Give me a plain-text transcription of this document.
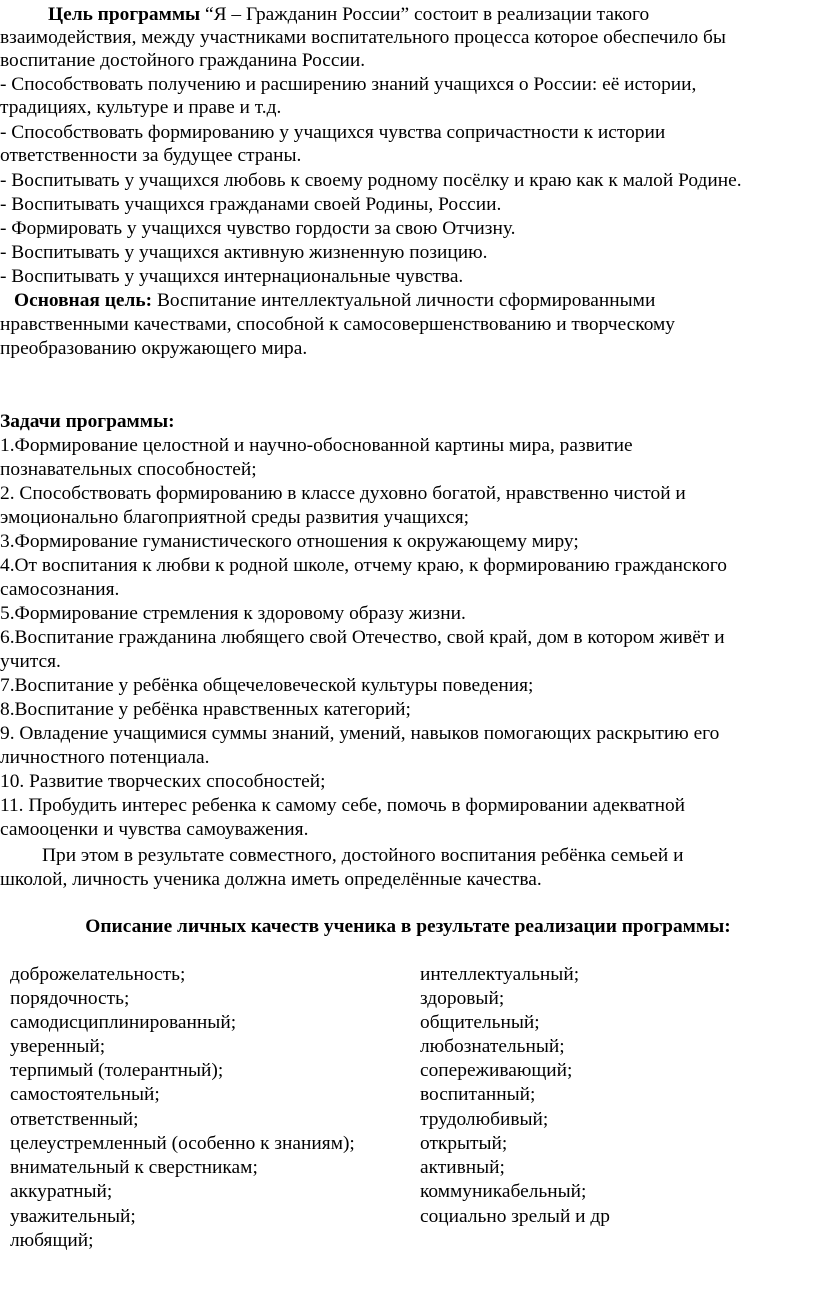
Цель программы “Я – Гражданин России” состоит в реализации такого
взаимодействия, между участниками воспитательного процесса которое обеспечило бы
воспитание достойного гражданина России.
- Способствовать получению и расширению знаний учащихся о России: её истории,
традициях, культуре и праве и т.д.
- Способствовать формированию у учащихся чувства сопричастности к истории
ответственности за будущее страны.
- Воспитывать у учащихся любовь к своему родному посёлку и краю как к малой Родине.
- Воспитывать учащихся гражданами своей Родины, России.
- Формировать у учащихся чувство гордости за свою Отчизну.
- Воспитывать у учащихся активную жизненную позицию.
- Воспитывать у учащихся интернациональные чувства.
Основная цель: Воспитание интеллектуальной личности сформированными
нравственными качествами, способной к самосовершенствованию и творческому
преобразованию окружающего мира.
Задачи программы:
1.Формирование целостной и научно-обоснованной картины мира, развитие
познавательных способностей;
2. Способствовать формированию в классе духовно богатой, нравственно чистой и
эмоционально благоприятной среды развития учащихся;
3.Формирование гуманистического отношения к окружающему миру;
4.От воспитания к любви к родной школе, отчему краю, к формированию гражданского
самосознания.
5.Формирование стремления к здоровому образу жизни.
6.Воспитание гражданина любящего свой Отечество, свой край, дом в котором живёт и
учится.
7.Воспитание у ребёнка общечеловеческой культуры поведения;
8.Воспитание у ребёнка нравственных категорий;
9. Овладение учащимися суммы знаний, умений, навыков помогающих раскрытию его
личностного потенциала.
10. Развитие творческих способностей;
11. Пробудить интерес ребенка к самому себе, помочь в формировании адекватной
самооценки и чувства самоуважения.
При этом в результате совместного, достойного воспитания ребёнка семьей и
школой, личность ученика должна иметь определённые качества.
Описание личных качеств ученика в результате реализации программы:
доброжелательность;
порядочность;
самодисциплинированный;
уверенный;
терпимый (толерантный);
самостоятельный;
ответственный;
целеустремленный (особенно к знаниям);
внимательный к сверстникам;
аккуратный;
уважительный;
любящий;
интеллектуальный;
здоровый;
общительный;
любознательный;
сопереживающий;
воспитанный;
трудолюбивый;
открытый;
активный;
коммуникабельный;
социально зрелый и др
